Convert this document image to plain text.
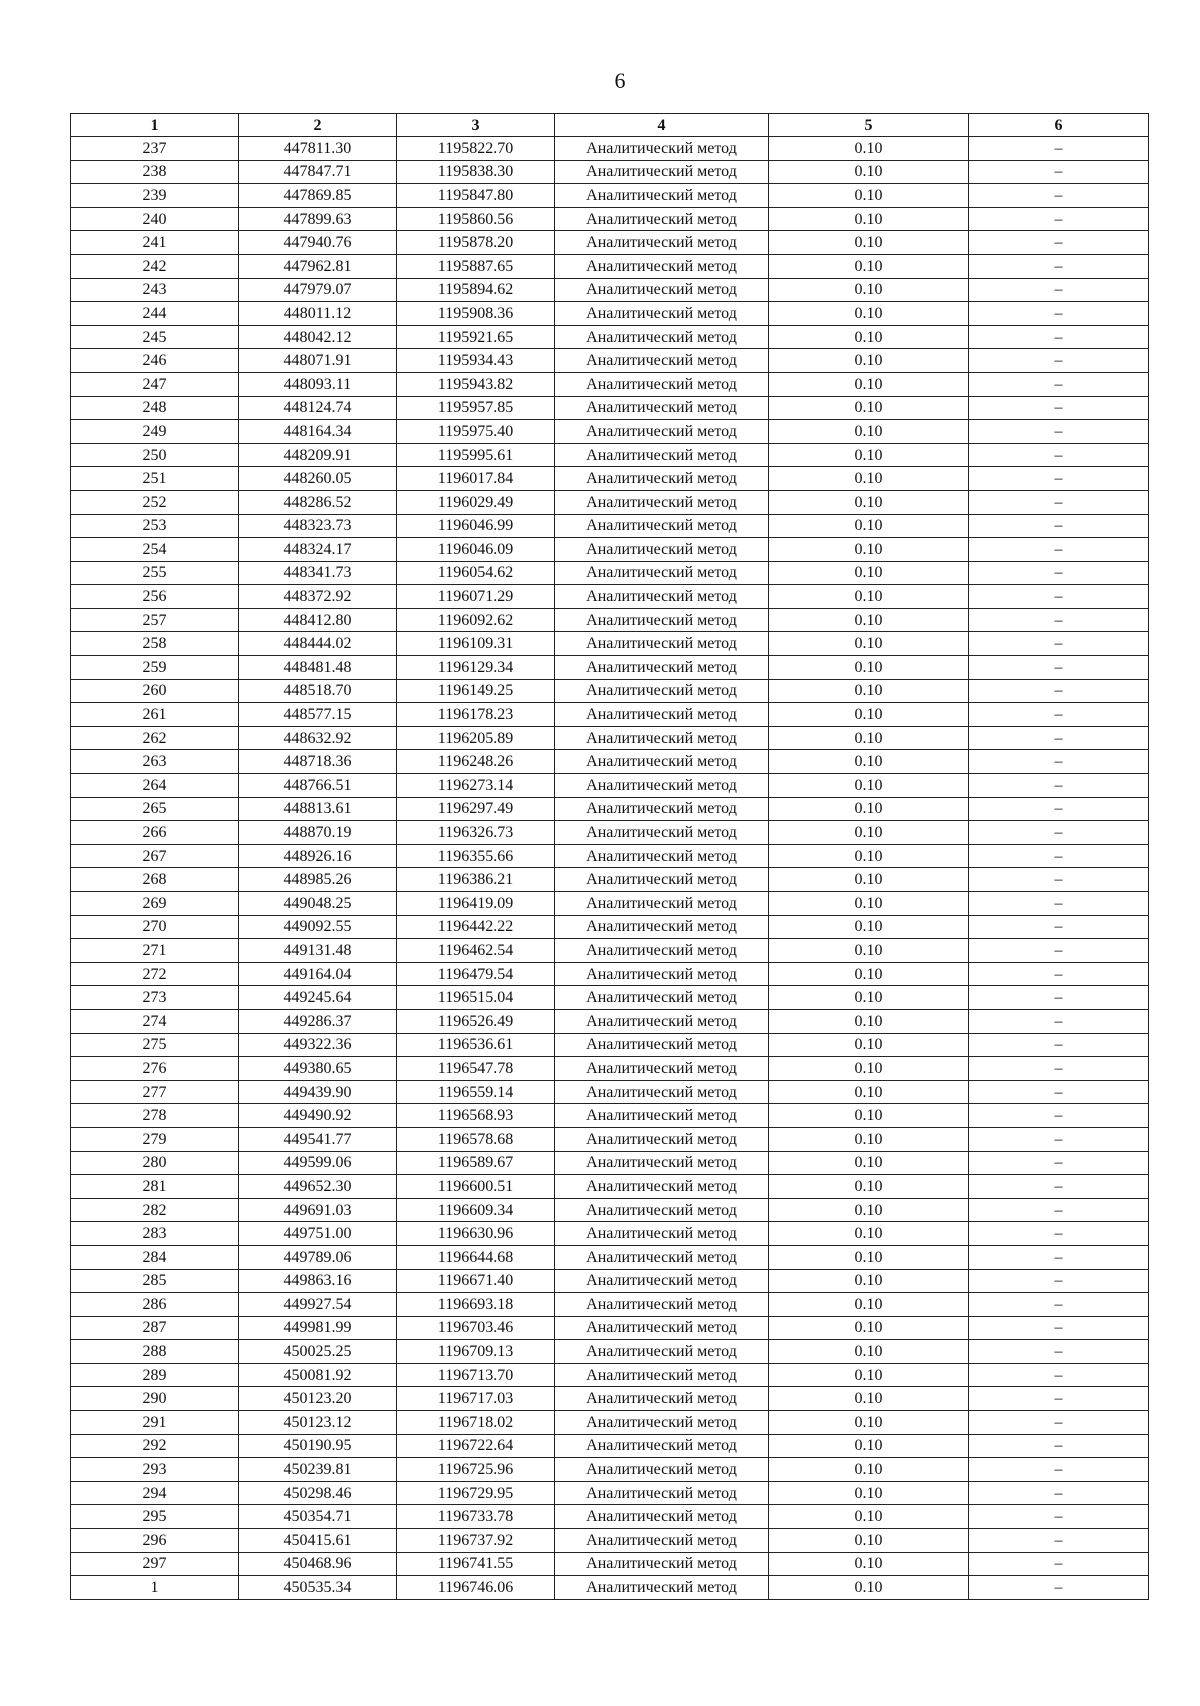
6
1	2	3	4	5	6
237	447811.30	1195822.70	Аналитический метод	0.10	–
238	447847.71	1195838.30	Аналитический метод	0.10	–
239	447869.85	1195847.80	Аналитический метод	0.10	–
240	447899.63	1195860.56	Аналитический метод	0.10	–
241	447940.76	1195878.20	Аналитический метод	0.10	–
242	447962.81	1195887.65	Аналитический метод	0.10	–
243	447979.07	1195894.62	Аналитический метод	0.10	–
244	448011.12	1195908.36	Аналитический метод	0.10	–
245	448042.12	1195921.65	Аналитический метод	0.10	–
246	448071.91	1195934.43	Аналитический метод	0.10	–
247	448093.11	1195943.82	Аналитический метод	0.10	–
248	448124.74	1195957.85	Аналитический метод	0.10	–
249	448164.34	1195975.40	Аналитический метод	0.10	–
250	448209.91	1195995.61	Аналитический метод	0.10	–
251	448260.05	1196017.84	Аналитический метод	0.10	–
252	448286.52	1196029.49	Аналитический метод	0.10	–
253	448323.73	1196046.99	Аналитический метод	0.10	–
254	448324.17	1196046.09	Аналитический метод	0.10	–
255	448341.73	1196054.62	Аналитический метод	0.10	–
256	448372.92	1196071.29	Аналитический метод	0.10	–
257	448412.80	1196092.62	Аналитический метод	0.10	–
258	448444.02	1196109.31	Аналитический метод	0.10	–
259	448481.48	1196129.34	Аналитический метод	0.10	–
260	448518.70	1196149.25	Аналитический метод	0.10	–
261	448577.15	1196178.23	Аналитический метод	0.10	–
262	448632.92	1196205.89	Аналитический метод	0.10	–
263	448718.36	1196248.26	Аналитический метод	0.10	–
264	448766.51	1196273.14	Аналитический метод	0.10	–
265	448813.61	1196297.49	Аналитический метод	0.10	–
266	448870.19	1196326.73	Аналитический метод	0.10	–
267	448926.16	1196355.66	Аналитический метод	0.10	–
268	448985.26	1196386.21	Аналитический метод	0.10	–
269	449048.25	1196419.09	Аналитический метод	0.10	–
270	449092.55	1196442.22	Аналитический метод	0.10	–
271	449131.48	1196462.54	Аналитический метод	0.10	–
272	449164.04	1196479.54	Аналитический метод	0.10	–
273	449245.64	1196515.04	Аналитический метод	0.10	–
274	449286.37	1196526.49	Аналитический метод	0.10	–
275	449322.36	1196536.61	Аналитический метод	0.10	–
276	449380.65	1196547.78	Аналитический метод	0.10	–
277	449439.90	1196559.14	Аналитический метод	0.10	–
278	449490.92	1196568.93	Аналитический метод	0.10	–
279	449541.77	1196578.68	Аналитический метод	0.10	–
280	449599.06	1196589.67	Аналитический метод	0.10	–
281	449652.30	1196600.51	Аналитический метод	0.10	–
282	449691.03	1196609.34	Аналитический метод	0.10	–
283	449751.00	1196630.96	Аналитический метод	0.10	–
284	449789.06	1196644.68	Аналитический метод	0.10	–
285	449863.16	1196671.40	Аналитический метод	0.10	–
286	449927.54	1196693.18	Аналитический метод	0.10	–
287	449981.99	1196703.46	Аналитический метод	0.10	–
288	450025.25	1196709.13	Аналитический метод	0.10	–
289	450081.92	1196713.70	Аналитический метод	0.10	–
290	450123.20	1196717.03	Аналитический метод	0.10	–
291	450123.12	1196718.02	Аналитический метод	0.10	–
292	450190.95	1196722.64	Аналитический метод	0.10	–
293	450239.81	1196725.96	Аналитический метод	0.10	–
294	450298.46	1196729.95	Аналитический метод	0.10	–
295	450354.71	1196733.78	Аналитический метод	0.10	–
296	450415.61	1196737.92	Аналитический метод	0.10	–
297	450468.96	1196741.55	Аналитический метод	0.10	–
1	450535.34	1196746.06	Аналитический метод	0.10	–
